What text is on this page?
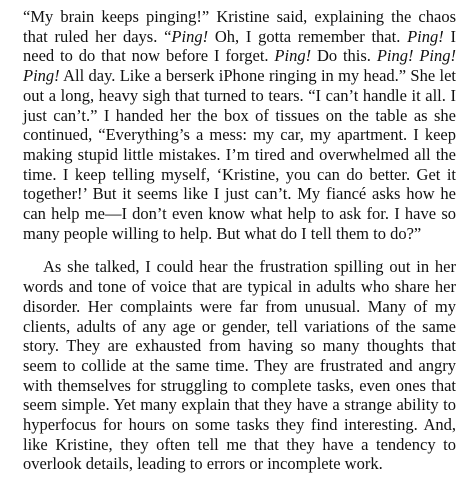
“My brain keeps pinging!” Kristine said, explaining the chaos that ruled her days. “Ping! Oh, I gotta remember that. Ping! I need to do that now before I forget. Ping! Do this. Ping! Ping! Ping! All day. Like a berserk iPhone ringing in my head.” She let out a long, heavy sigh that turned to tears. “I can’t handle it all. I just can’t.” I handed her the box of tissues on the table as she continued, “Everything’s a mess: my car, my apartment. I keep making stupid little mistakes. I’m tired and overwhelmed all the time. I keep telling myself, ‘Kristine, you can do better. Get it together!’ But it seems like I just can’t. My fiancé asks how he can help me—I don’t even know what help to ask for. I have so many people willing to help. But what do I tell them to do?”

As she talked, I could hear the frustration spilling out in her words and tone of voice that are typical in adults who share her disorder. Her complaints were far from unusual. Many of my clients, adults of any age or gender, tell variations of the same story. They are exhausted from having so many thoughts that seem to collide at the same time. They are frustrated and angry with themselves for struggling to complete tasks, even ones that seem simple. Yet many explain that they have a strange ability to hyperfocus for hours on some tasks they find interesting. And, like Kristine, they often tell me that they have a tendency to overlook details, leading to errors or incomplete work.
